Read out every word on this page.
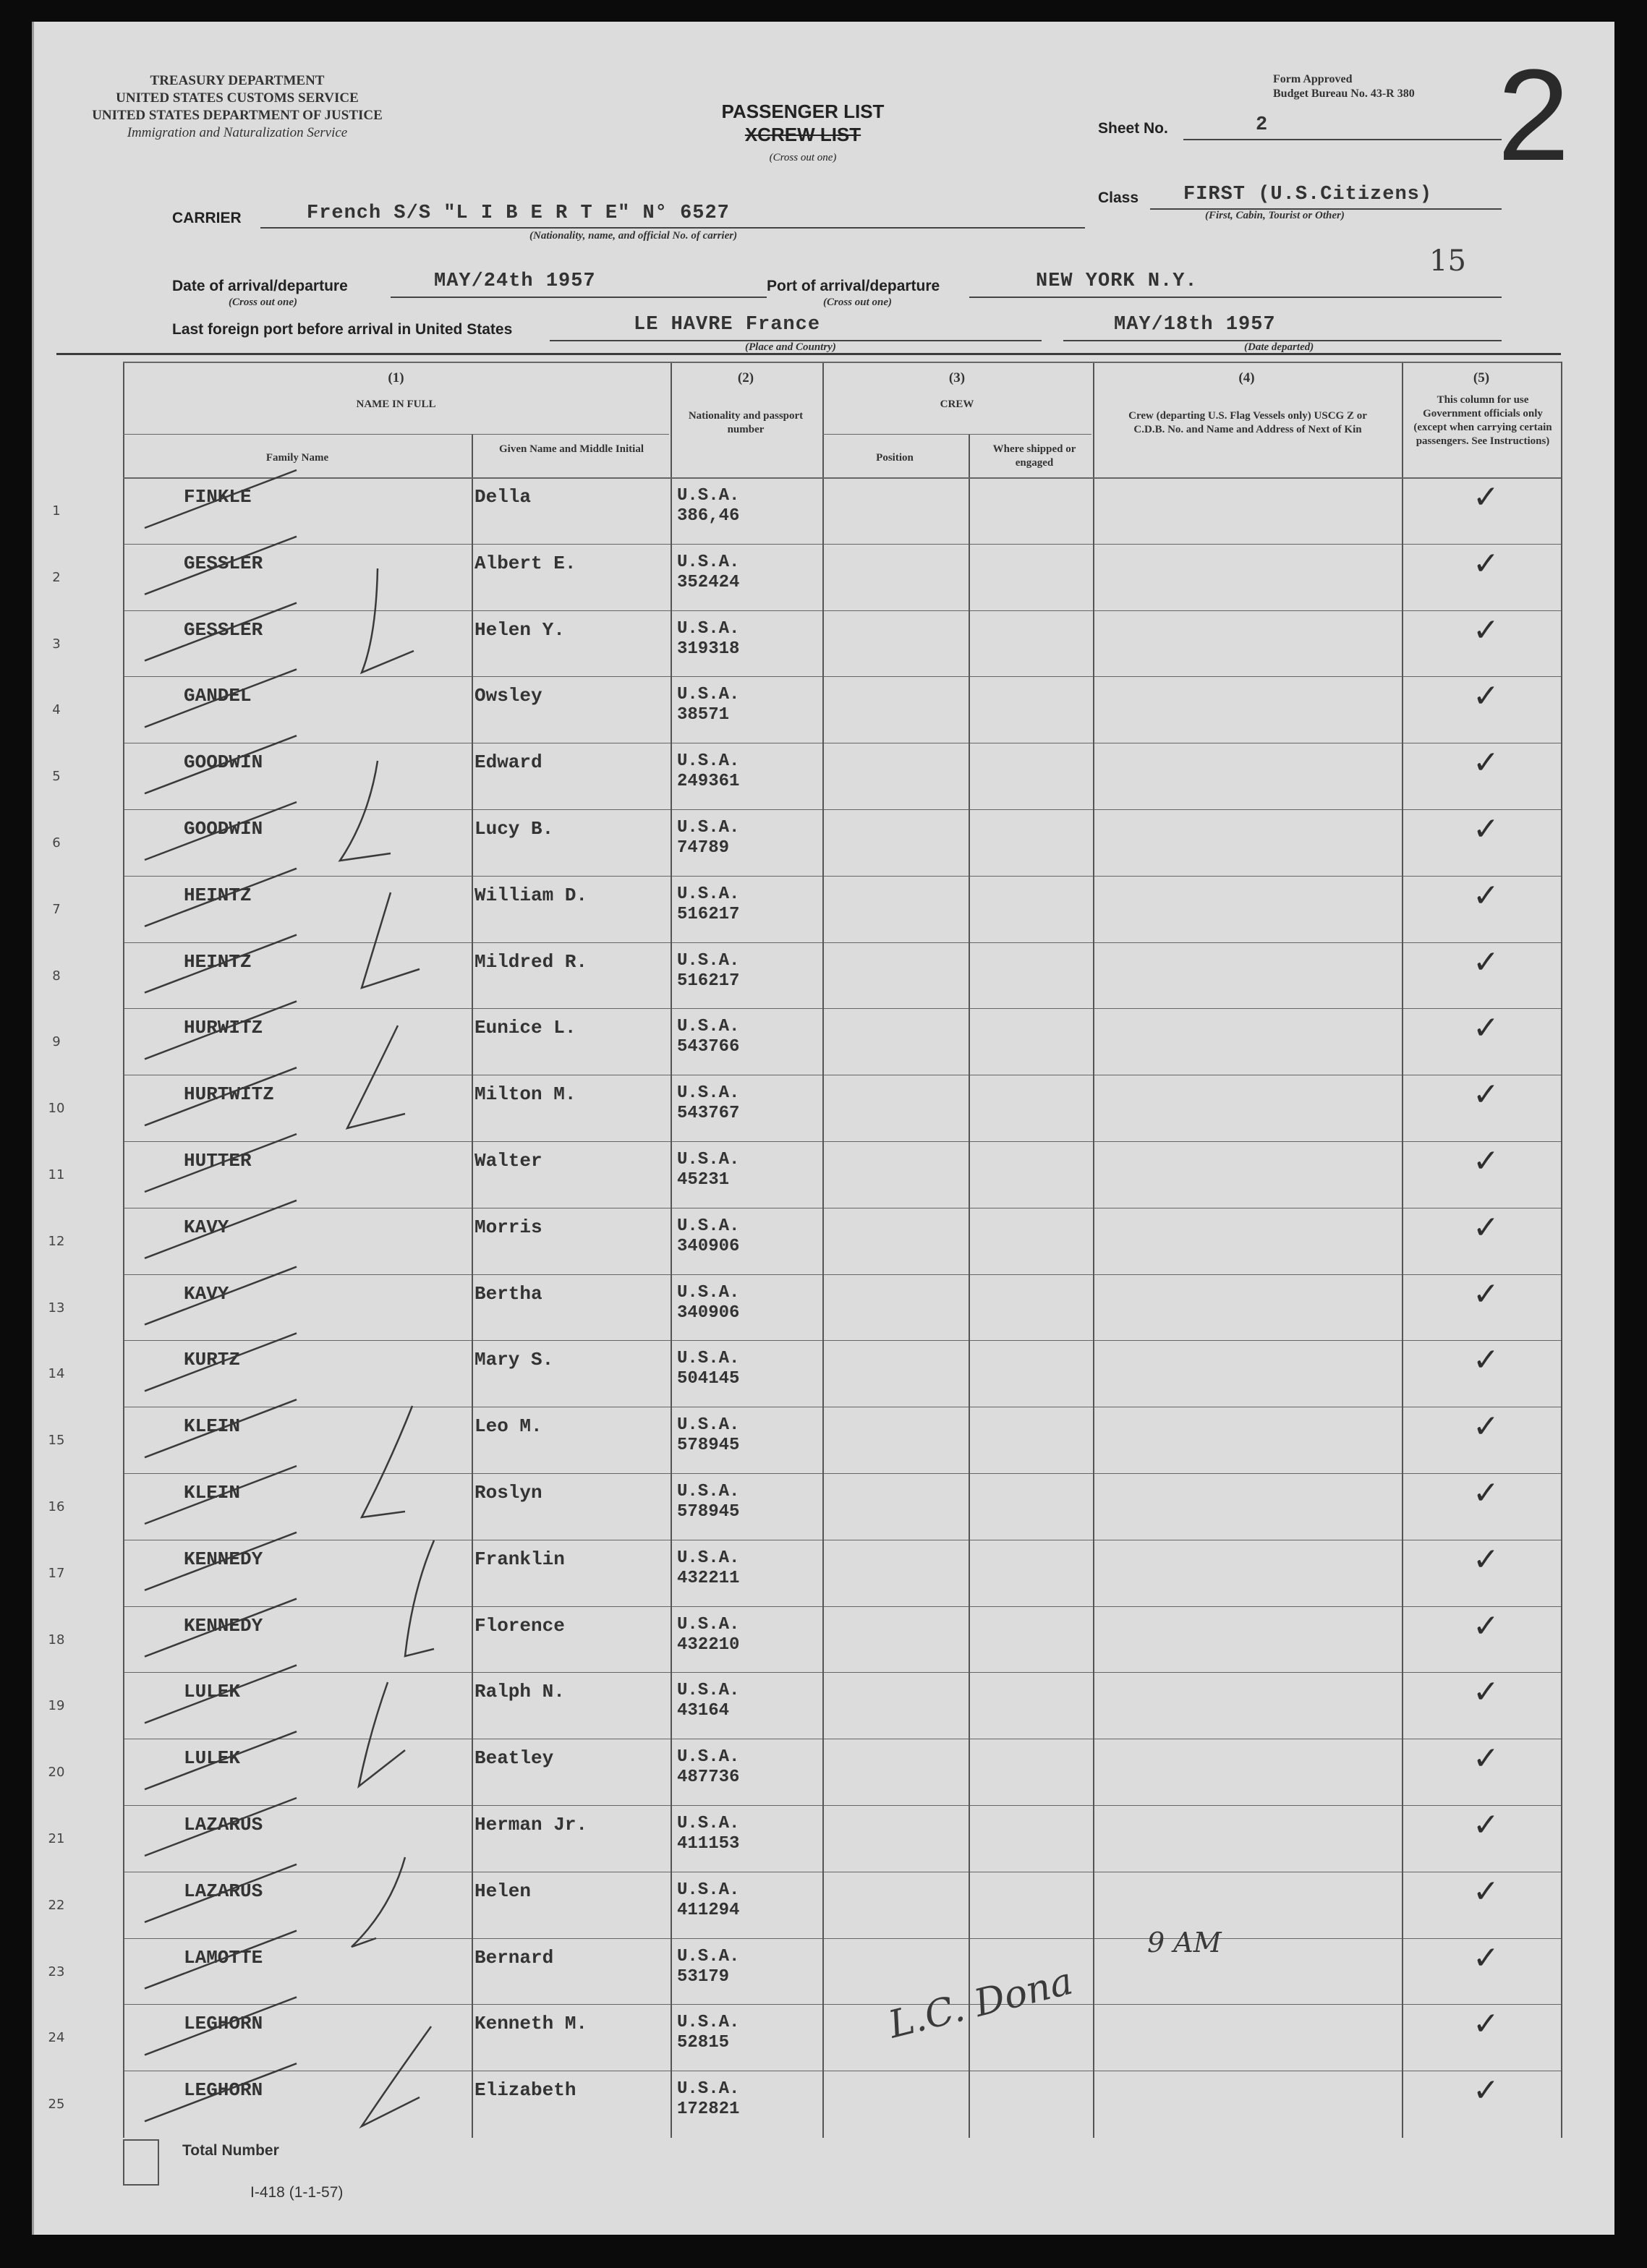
TREASURY DEPARTMENT
UNITED STATES CUSTOMS SERVICE
UNITED STATES DEPARTMENT OF JUSTICE
Immigration and Naturalization Service
Form Approved
Budget Bureau No. 43-R 380 2
PASSENGER LIST
XCREW LIST
(Cross out one)
Sheet No.	2
CARRIER	French S/S "L I B E R T E" N° 6527
(Nationality, name, and official No. of carrier)
Class FIRST (U.S.Citizens)
(First, Cabin, Tourist or Other)
Date of arrival/departure
(Cross out one)
MAY/24th 1957	Port of arrival/departure
(Cross out one)
NEW YORK N.Y.
15
Last foreign port before arrival in United States	LE HAVRE France
(Place and Country)
MAY/18th 1957
(Date departed)
(1)
NAME IN FULL
Family Name
Given Name and Middle Initial
(2)
Nationality and passport number
(3)
CREW
Position
Where shipped or engaged
(4)
Crew (departing U.S. Flag Vessels only) USCG Z or C.D.B. No. and Name and Address of Next of Kin
(5)
This column for use Government officials only (except when carrying certain passengers. See Instructions)
1
FINKLE	Della	U.S.A.
386,46
✓
2
GESSLER	Albert E.	U.S.A.
352424
✓
3
GESSLER	Helen Y.	U.S.A.
319318
✓
4
GANDEL	Owsley	U.S.A.
38571
✓
5
GOODWIN	Edward	U.S.A.
249361
✓
6
GOODWIN	Lucy B.	U.S.A.
74789
✓
7
HEINTZ	William D.	U.S.A.
516217
✓
8
HEINTZ	Mildred R.	U.S.A.
516217
✓
9
HURWITZ	Eunice L.	U.S.A.
543766
✓
10
HURTWITZ	Milton M.	U.S.A.
543767
✓
11
HUTTER	Walter	U.S.A.
45231
✓
12
KAVY	Morris	U.S.A.
340906
✓
13
KAVY	Bertha	U.S.A.
340906
✓
14
KURTZ	Mary S.	U.S.A.
504145
✓
15
KLEIN	Leo M.	U.S.A.
578945
✓
16
KLEIN	Roslyn	U.S.A.
578945
✓
17
KENNEDY	Franklin	U.S.A.
432211
✓
18
KENNEDY	Florence	U.S.A.
432210
✓
19
LULEK	Ralph N.	U.S.A.
43164
✓
20
LULEK	Beatley	U.S.A.
487736
✓
21
LAZARUS	Herman Jr.	U.S.A.
411153
✓
22
LAZARUS	Helen	U.S.A.
411294
✓
23
LAMOTTE	Bernard	U.S.A.
53179
✓
24
LEGHORN	Kenneth M.	U.S.A.
52815
✓
25
LEGHORN	Elizabeth	U.S.A.
172821
✓
L.C. Dona
9 AM
Total Number
I-418 (1-1-57)
